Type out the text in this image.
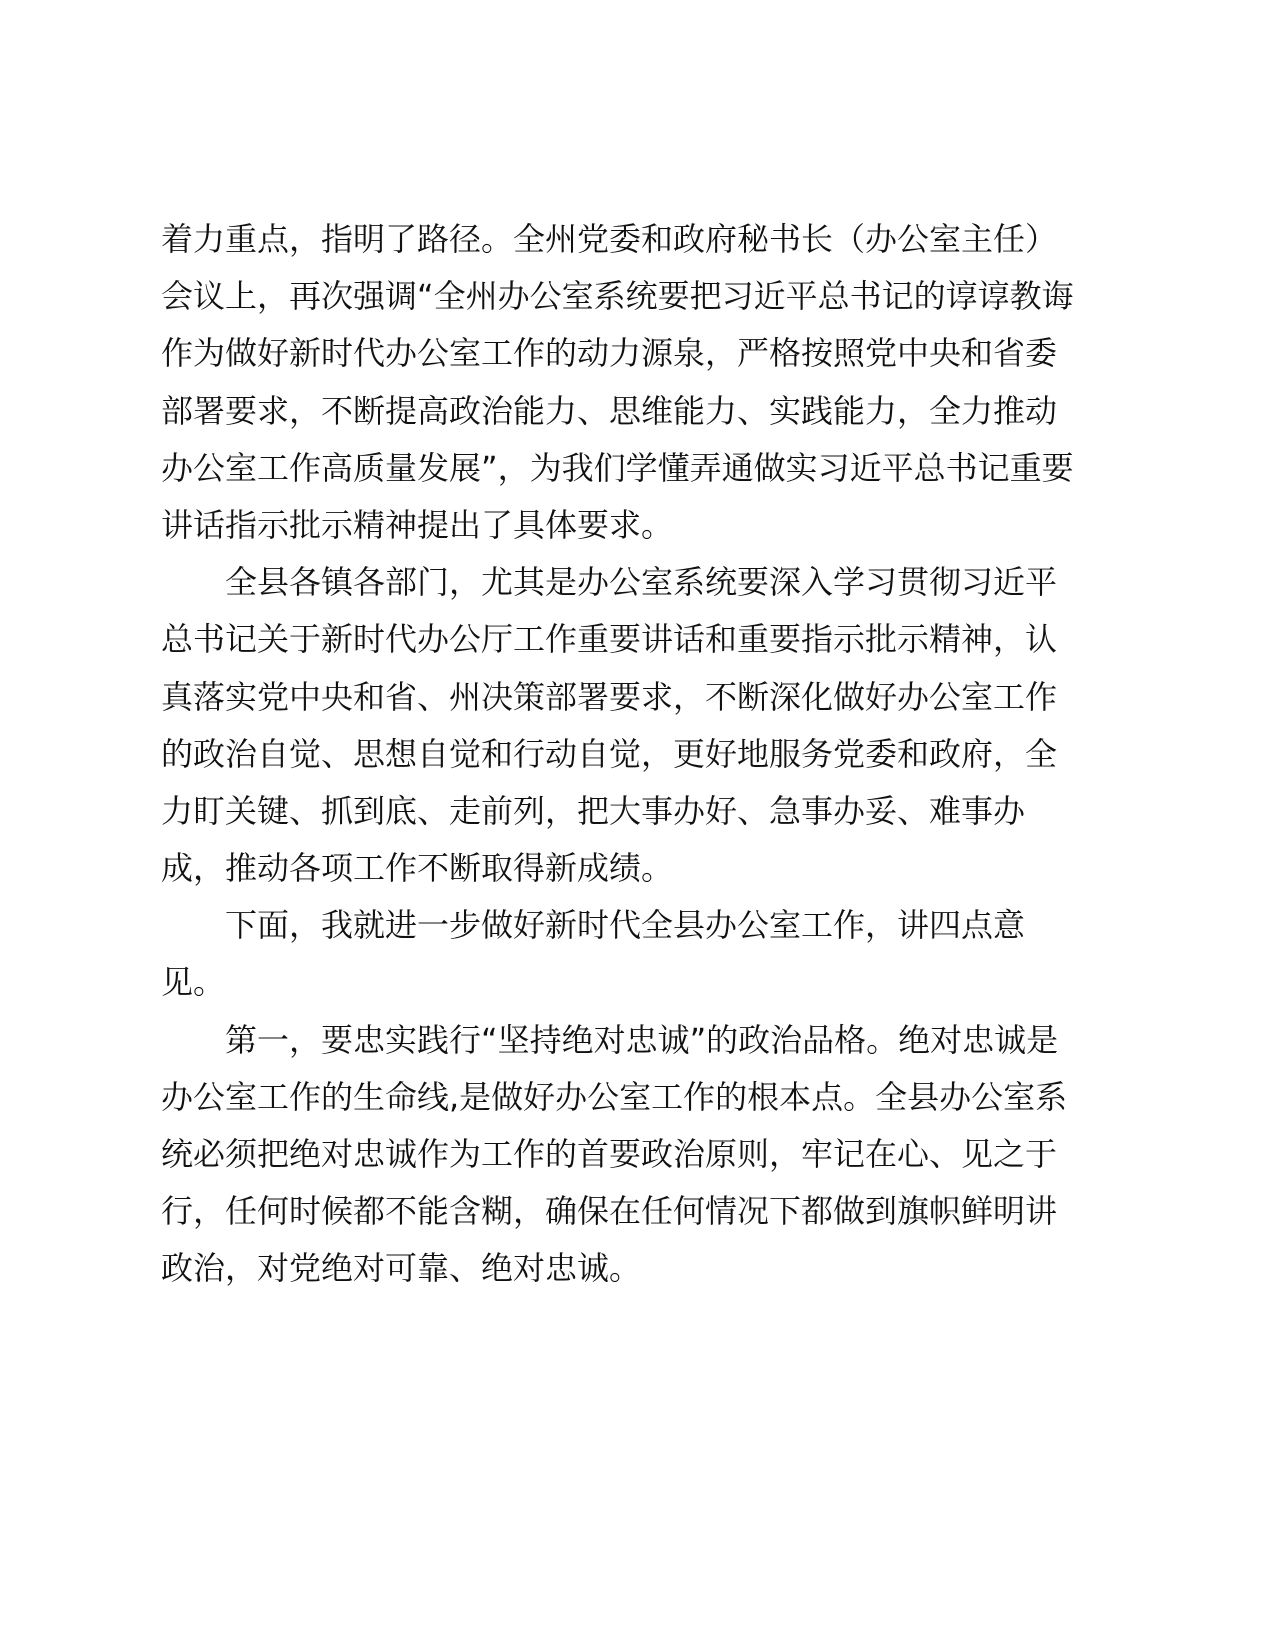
着力重点，指明了路径。全州党委和政府秘书长（办公室主任）
会议上，再次强调“全州办公室系统要把习近平总书记的谆谆教诲
作为做好新时代办公室工作的动力源泉，严格按照党中央和省委
部署要求，不断提高政治能力、思维能力、实践能力，全力推动
办公室工作高质量发展”，为我们学懂弄通做实习近平总书记重要
讲话指示批示精神提出了具体要求。
全县各镇各部门，尤其是办公室系统要深入学习贯彻习近平
总书记关于新时代办公厅工作重要讲话和重要指示批示精神，认
真落实党中央和省、州决策部署要求，不断深化做好办公室工作
的政治自觉、思想自觉和行动自觉，更好地服务党委和政府，全
力盯关键、抓到底、走前列，把大事办好、急事办妥、难事办
成，推动各项工作不断取得新成绩。
下面，我就进一步做好新时代全县办公室工作，讲四点意
见。
第一，要忠实践行“坚持绝对忠诚”的政治品格。绝对忠诚是
办公室工作的生命线,是做好办公室工作的根本点。全县办公室系
统必须把绝对忠诚作为工作的首要政治原则，牢记在心、见之于
行，任何时候都不能含糊，确保在任何情况下都做到旗帜鲜明讲
政治，对党绝对可靠、绝对忠诚。
